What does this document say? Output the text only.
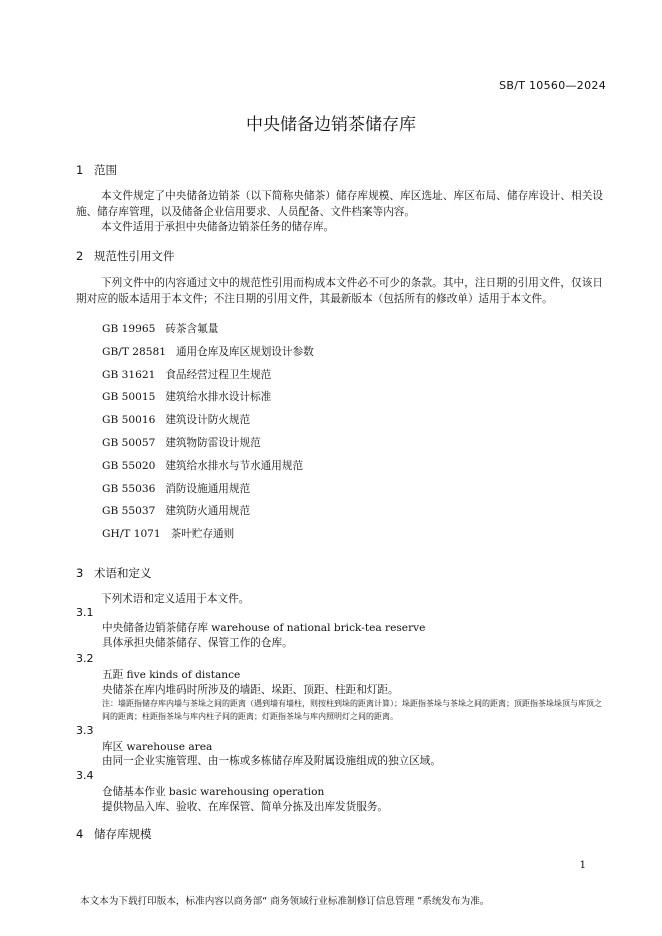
SB/T 10560—2024
中央储备边销茶储存库
1 范围
本文件规定了中央储备边销茶（以下简称央储茶）储存库规模、库区选址、库区布局、储存库设计、相关设施、储存库管理，以及储备企业信用要求、人员配备、文件档案等内容。
本文件适用于承担中央储备边销茶任务的储存库。
2 规范性引用文件
下列文件中的内容通过文中的规范性引用而构成本文件必不可少的条款。其中，注日期的引用文件，仅该日期对应的版本适用于本文件；不注日期的引用文件，其最新版本（包括所有的修改单）适用于本文件。
GB 19965 砖茶含氟量
GB/T 28581 通用仓库及库区规划设计参数
GB 31621 食品经营过程卫生规范
GB 50015 建筑给水排水设计标准
GB 50016 建筑设计防火规范
GB 50057 建筑物防雷设计规范
GB 55020 建筑给水排水与节水通用规范
GB 55036 消防设施通用规范
GB 55037 建筑防火通用规范
GH/T 1071 茶叶贮存通则
3 术语和定义
下列术语和定义适用于本文件。
3.1
中央储备边销茶储存库 warehouse of national brick-tea reserve
具体承担央储茶储存、保管工作的仓库。
3.2
五距 five kinds of distance
央储茶在库内堆码时所涉及的墙距、垛距、顶距、柱距和灯距。
注：墙距指储存库内墙与茶垛之间的距离（遇到墙有墙柱，则按柱到垛的距离计算）；垛距指茶垛与茶垛之间的距离；顶距指茶垛垛顶与库顶之间的距离；柱距指茶垛与库内柱子间的距离；灯距指茶垛与库内照明灯之间的距离。
3.3
库区 warehouse area
由同一企业实施管理、由一栋或多栋储存库及附属设施组成的独立区域。
3.4
仓储基本作业 basic warehousing operation
提供物品入库、验收、在库保管、简单分拣及出库发货服务。
4 储存库规模
1
本文本为下载打印版本，标准内容以商务部“ 商务领域行业标准制修订信息管理 ”系统发布为准。
